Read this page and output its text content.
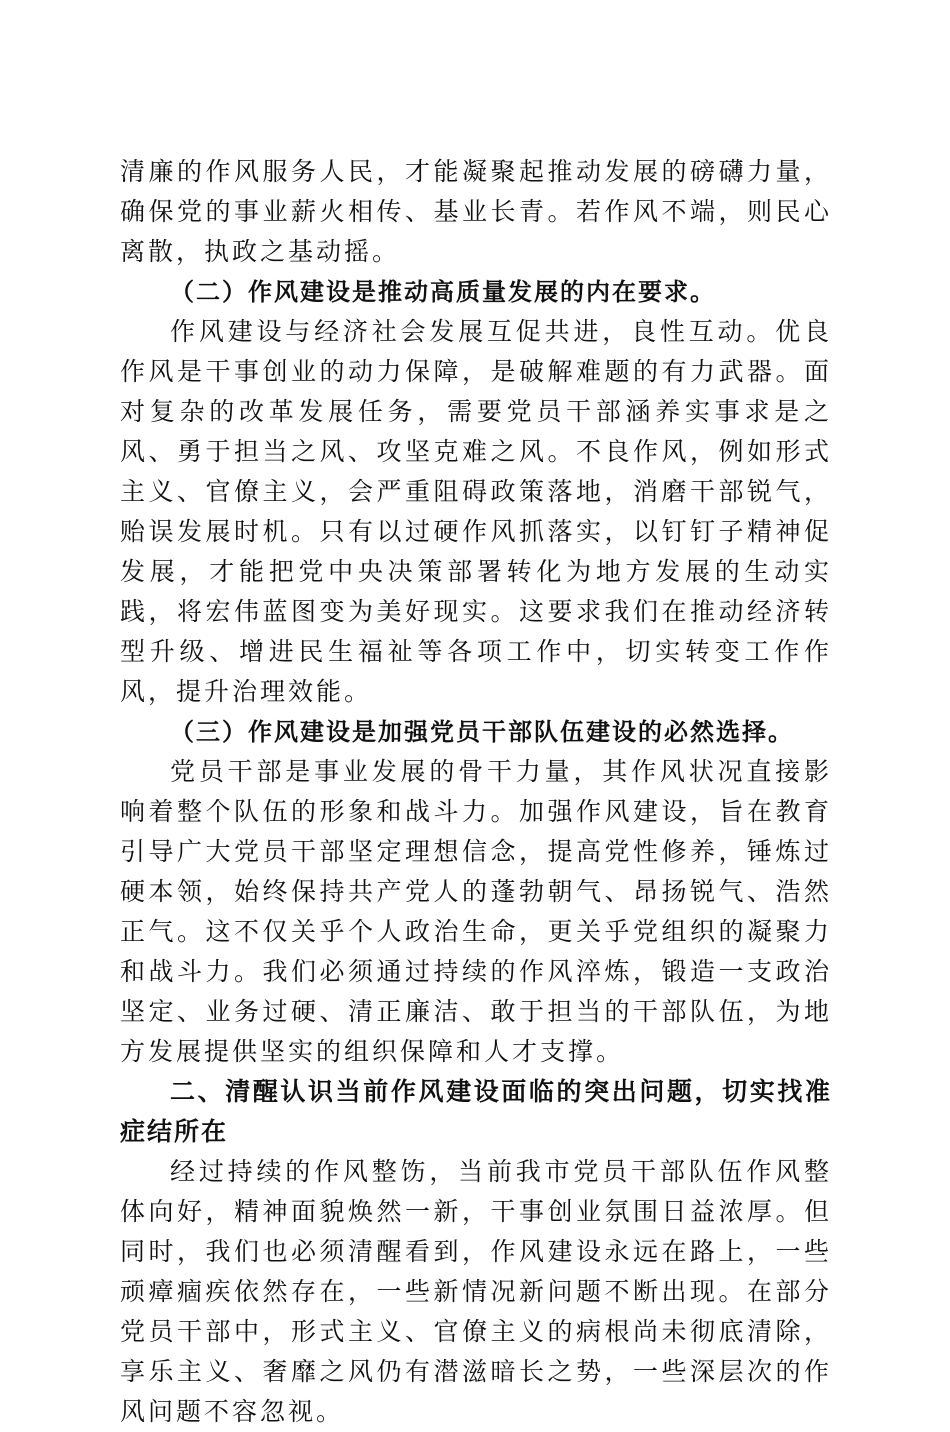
清廉的作风服务人民，才能凝聚起推动发展的磅礴力量，确保党的事业薪火相传、基业长青。若作风不端，则民心离散，执政之基动摇。

（二）作风建设是推动高质量发展的内在要求。

作风建设与经济社会发展互促共进，良性互动。优良作风是干事创业的动力保障，是破解难题的有力武器。面对复杂的改革发展任务，需要党员干部涵养实事求是之风、勇于担当之风、攻坚克难之风。不良作风，例如形式主义、官僚主义，会严重阻碍政策落地，消磨干部锐气，贻误发展时机。只有以过硬作风抓落实，以钉钉子精神促发展，才能把党中央决策部署转化为地方发展的生动实践，将宏伟蓝图变为美好现实。这要求我们在推动经济转型升级、增进民生福祉等各项工作中，切实转变工作作风，提升治理效能。

（三）作风建设是加强党员干部队伍建设的必然选择。

党员干部是事业发展的骨干力量，其作风状况直接影响着整个队伍的形象和战斗力。加强作风建设，旨在教育引导广大党员干部坚定理想信念，提高党性修养，锤炼过硬本领，始终保持共产党人的蓬勃朝气、昂扬锐气、浩然正气。这不仅关乎个人政治生命，更关乎党组织的凝聚力和战斗力。我们必须通过持续的作风淬炼，锻造一支政治坚定、业务过硬、清正廉洁、敢于担当的干部队伍，为地方发展提供坚实的组织保障和人才支撑。

二、清醒认识当前作风建设面临的突出问题，切实找准症结所在

经过持续的作风整饬，当前我市党员干部队伍作风整体向好，精神面貌焕然一新，干事创业氛围日益浓厚。但同时，我们也必须清醒看到，作风建设永远在路上，一些顽瘴痼疾依然存在，一些新情况新问题不断出现。在部分党员干部中，形式主义、官僚主义的病根尚未彻底清除，享乐主义、奢靡之风仍有潜滋暗长之势，一些深层次的作风问题不容忽视。
